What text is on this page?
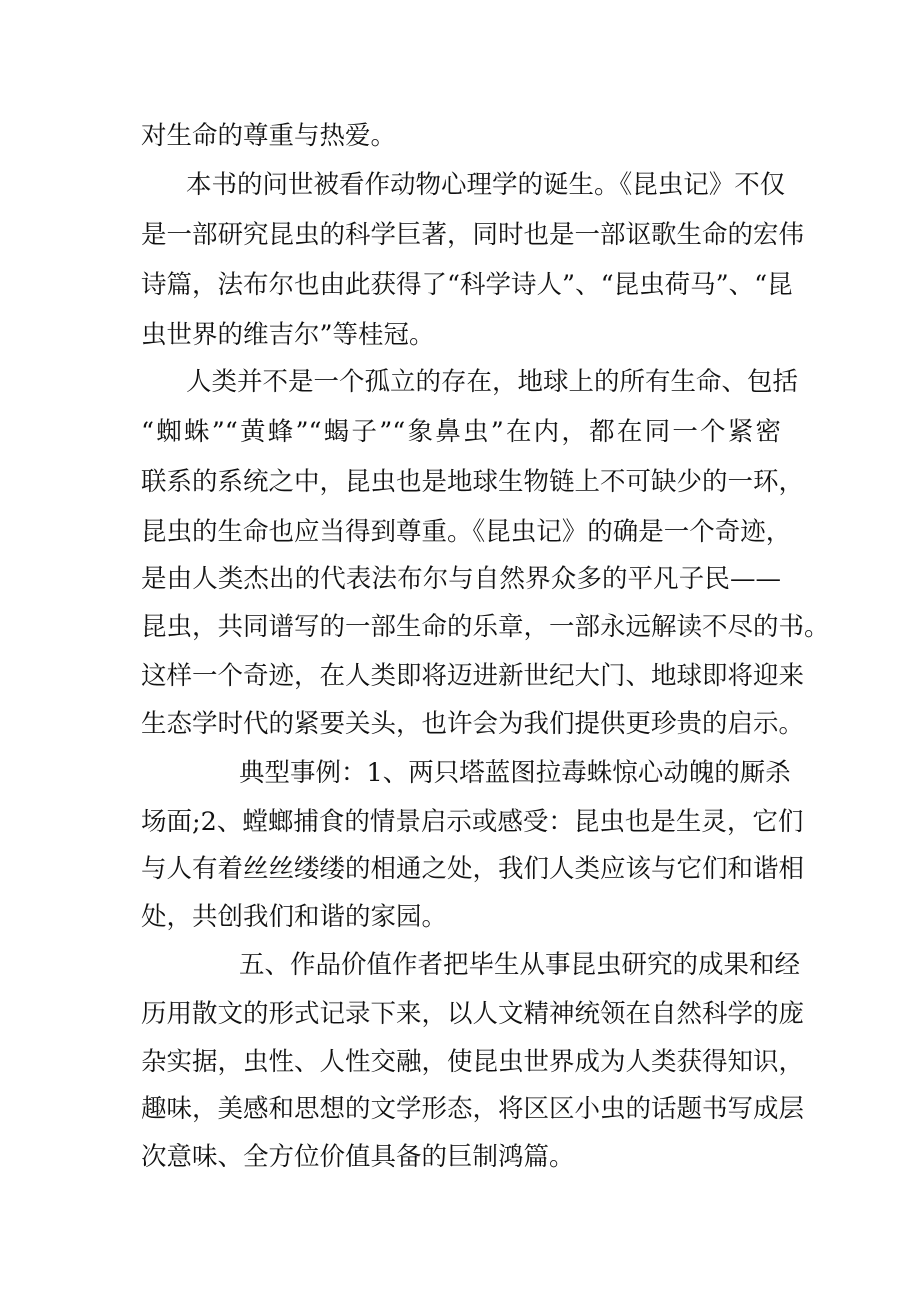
对生命的尊重与热爱。
本书的问世被看作动物心理学的诞生。《昆虫记》不仅
是一部研究昆虫的科学巨著，同时也是一部讴歌生命的宏伟
诗篇，法布尔也由此获得了“科学诗人”、“昆虫荷马”、“昆
虫世界的维吉尔”等桂冠。
人类并不是一个孤立的存在，地球上的所有生命、包括
“蜘蛛”“黄蜂”“蝎子”“象鼻虫”在内，都在同一个紧密
联系的系统之中，昆虫也是地球生物链上不可缺少的一环，
昆虫的生命也应当得到尊重。《昆虫记》的确是一个奇迹，
是由人类杰出的代表法布尔与自然界众多的平凡子民——
昆虫，共同谱写的一部生命的乐章，一部永远解读不尽的书。
这样一个奇迹，在人类即将迈进新世纪大门、地球即将迎来
生态学时代的紧要关头，也许会为我们提供更珍贵的启示。
典型事例：1、两只塔蓝图拉毒蛛惊心动魄的厮杀
场面;2、螳螂捕食的情景启示或感受：昆虫也是生灵，它们
与人有着丝丝缕缕的相通之处，我们人类应该与它们和谐相
处，共创我们和谐的家园。
五、作品价值作者把毕生从事昆虫研究的成果和经
历用散文的形式记录下来，以人文精神统领在自然科学的庞
杂实据，虫性、人性交融，使昆虫世界成为人类获得知识，
趣味，美感和思想的文学形态，将区区小虫的话题书写成层
次意味、全方位价值具备的巨制鸿篇。
